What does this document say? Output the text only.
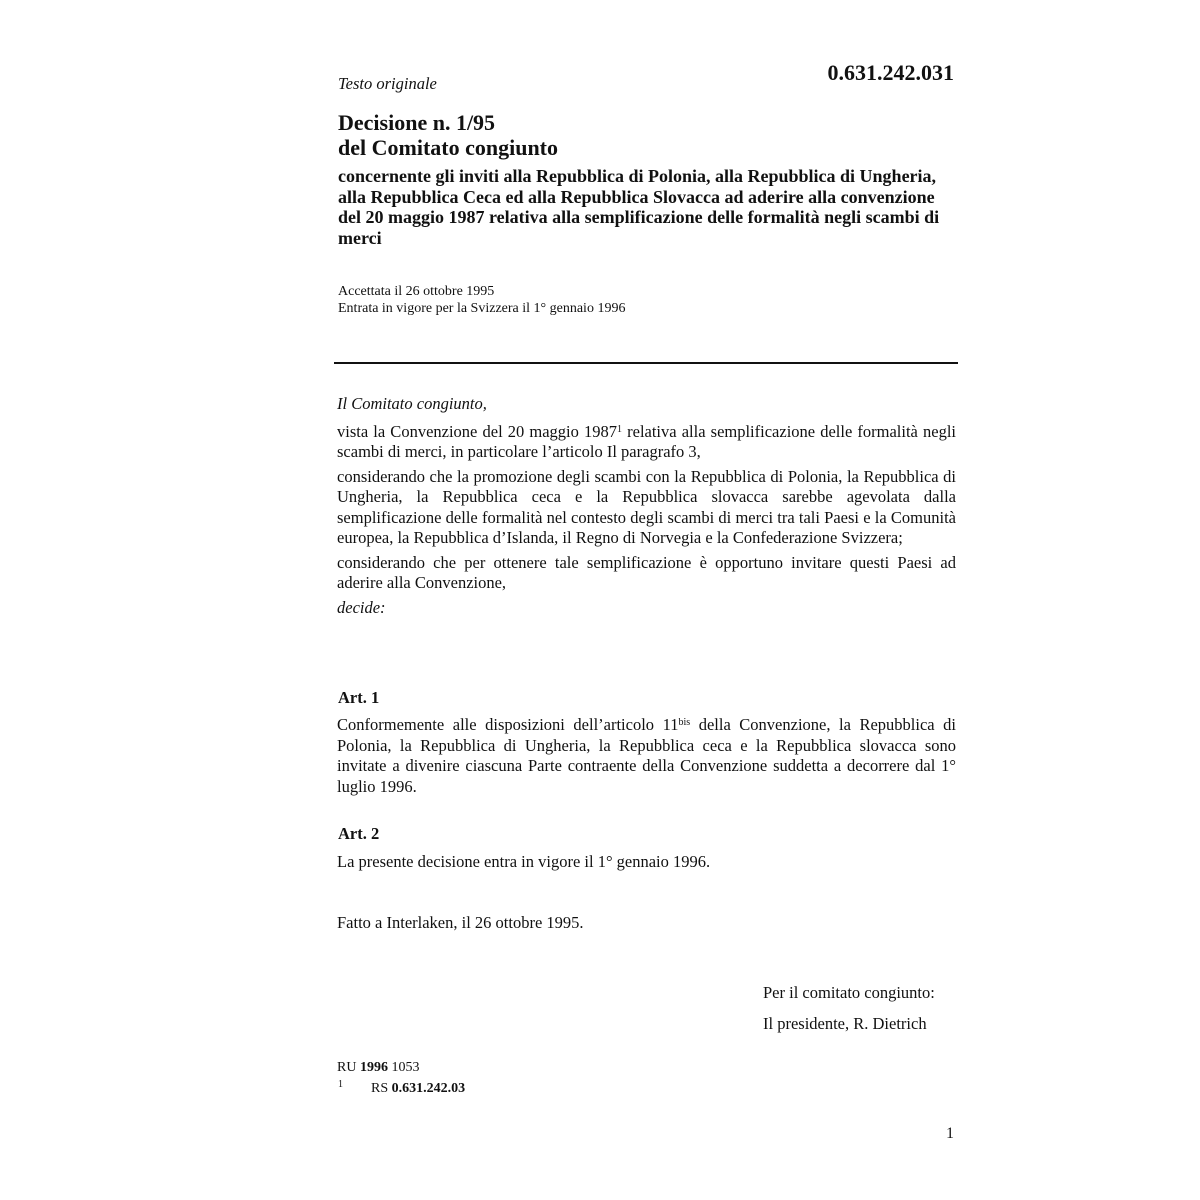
Testo originale	0.631.242.031
Decisione n. 1/95
del Comitato congiunto
concernente gli inviti alla Repubblica di Polonia, alla Repubblica di Ungheria, alla Repubblica Ceca ed alla Repubblica Slovacca ad aderire alla convenzione del 20 maggio 1987 relativa alla semplificazione delle formalità negli scambi di merci
Accettata il 26 ottobre 1995
Entrata in vigore per la Svizzera il 1° gennaio 1996

Il Comitato congiunto,

vista la Convenzione del 20 maggio 1987$^1$ relativa alla semplificazione delle formalità negli scambi di merci, in particolare l’articolo Il paragrafo 3,

considerando che la promozione degli scambi con la Repubblica di Polonia, la Repubblica di Ungheria, la Repubblica ceca e la Repubblica slovacca sarebbe agevolata dalla semplificazione delle formalità nel contesto degli scambi di merci tra tali Paesi e la Comunità europea, la Repubblica d’Islanda, il Regno di Norvegia e la Confederazione Svizzera;

considerando che per ottenere tale semplificazione è opportuno invitare questi Paesi ad aderire alla Convenzione,

decide:

Art. 1
Conformemente alle disposizioni dell’articolo $11^{bis}$ della Convenzione, la Repubblica di Polonia, la Repubblica di Ungheria, la Repubblica ceca e la Repubblica slovacca sono invitate a divenire ciascuna Parte contraente della Convenzione suddetta a decorrere dal 1° luglio 1996.
Art. 2
La presente decisione entra in vigore il 1° gennaio 1996.
Fatto a Interlaken, il 26 ottobre 1995.
Per il comitato congiunto:
Il presidente, R. Dietrich
RU 1996 1053
1 RS 0.631.242.03
1
